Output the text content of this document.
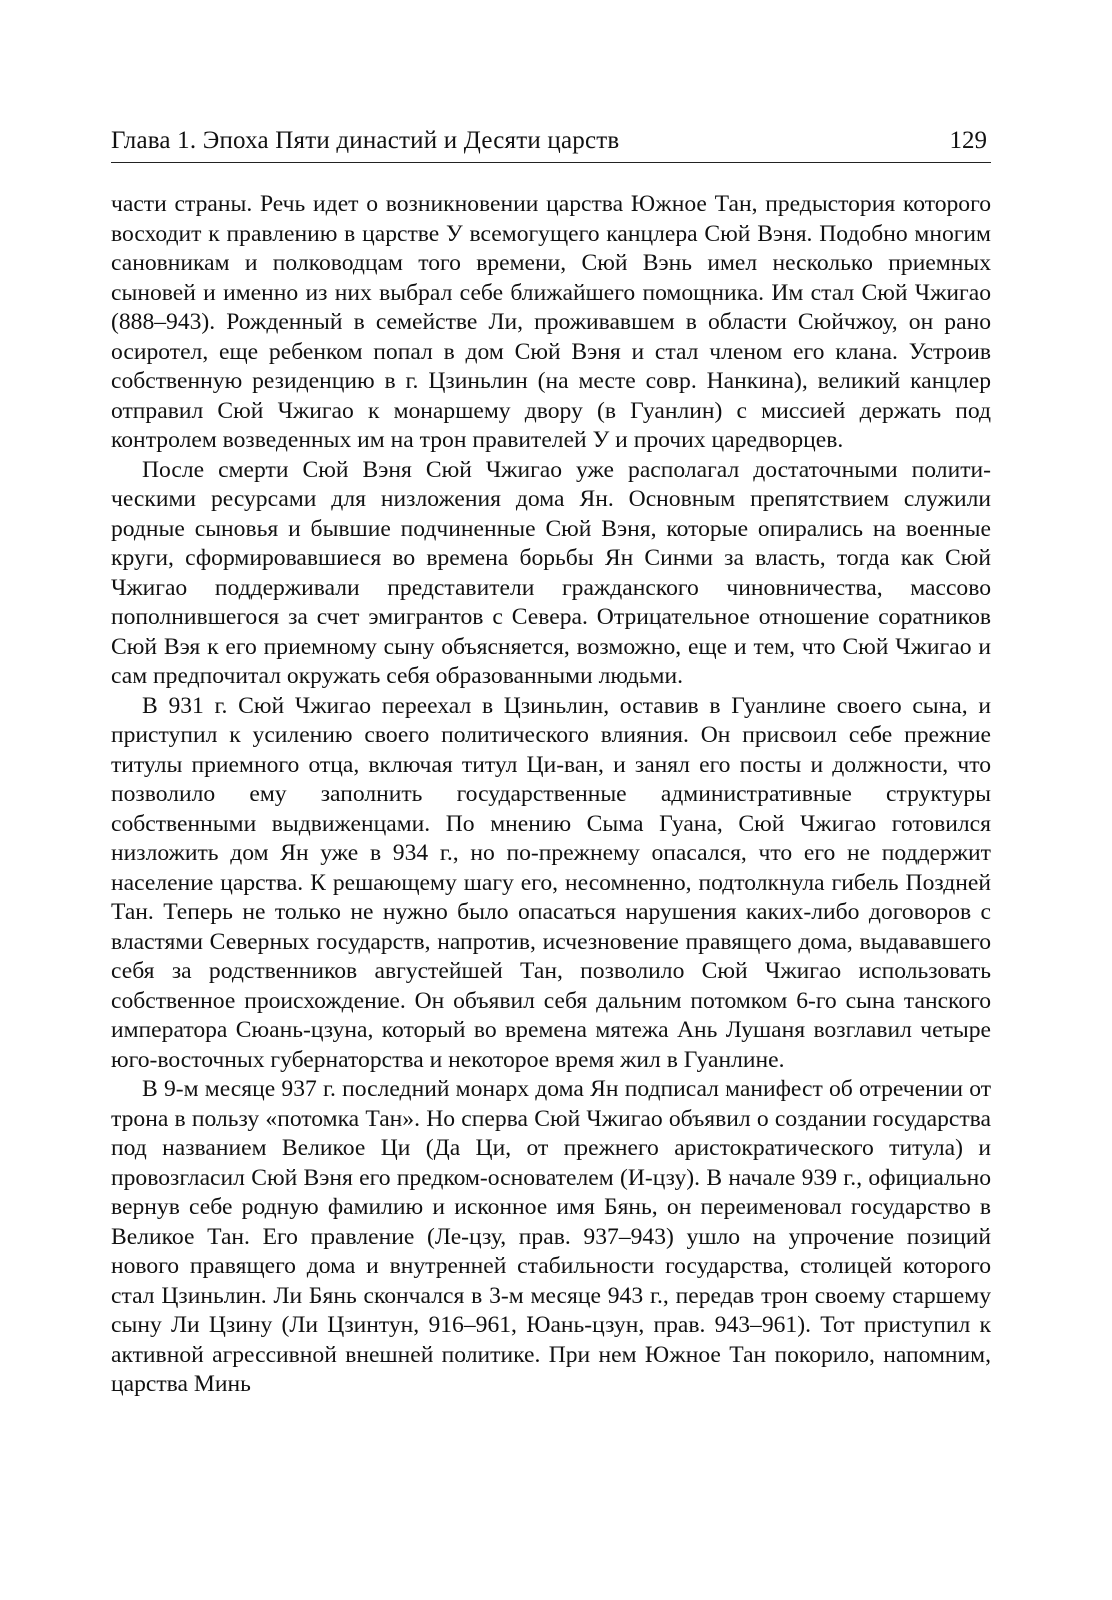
Глава 1. Эпоха Пяти династий и Десяти царств	129

части страны. Речь идет о возникновении царства Южное Тан, предыстория которого восходит к правлению в царстве У всемогущего канцлера Сюй Вэня. Подобно многим сановникам и полководцам того времени, Сюй Вэнь имел несколько приемных сыновей и именно из них выбрал себе ближайшего помощника. Им стал Сюй Чжигао (888–943). Рожденный в семействе Ли, проживавшем в области Сюйчжоу, он рано осиротел, еще ребенком попал в дом Сюй Вэня и стал членом его клана. Устроив собственную резиденцию в г. Цзиньлин (на месте совр. Нанкина), великий канцлер отправил Сюй Чжигао к монаршему двору (в Гуанлин) с миссией держать под контролем возведенных им на трон правителей У и прочих царедворцев.

После смерти Сюй Вэня Сюй Чжигао уже располагал достаточными политическими ресурсами для низложения дома Ян. Основным препятствием служили родные сыновья и бывшие подчиненные Сюй Вэня, которые опирались на военные круги, сформировавшиеся во времена борьбы Ян Синми за власть, тогда как Сюй Чжигао поддерживали представители гражданского чиновничества, массово пополнившегося за счет эмигрантов с Севера. Отрицательное отношение соратников Сюй Вэя к его приемному сыну объясняется, возможно, еще и тем, что Сюй Чжигао и сам предпочитал окружать себя образованными людьми.

В 931 г. Сюй Чжигао переехал в Цзиньлин, оставив в Гуанлине своего сына, и приступил к усилению своего политического влияния. Он присвоил себе прежние титулы приемного отца, включая титул Ци-ван, и занял его посты и должности, что позволило ему заполнить государственные административные структуры собственными выдвиженцами. По мнению Сыма Гуана, Сюй Чжигао готовился низложить дом Ян уже в 934 г., но по-прежнему опасался, что его не поддержит население царства. К решающему шагу его, несомненно, подтолкнула гибель Поздней Тан. Теперь не только не нужно было опасаться нарушения каких-либо договоров с властями Северных государств, напротив, исчезновение правящего дома, выдававшего себя за родственников августейшей Тан, позволило Сюй Чжигао использовать собственное происхождение. Он объявил себя дальним потомком 6-го сына танского императора Сюань-цзуна, который во времена мятежа Ань Лушаня возглавил четыре юго-восточных губернаторства и некоторое время жил в Гуанлине.

В 9-м месяце 937 г. последний монарх дома Ян подписал манифест об отречении от трона в пользу «потомка Тан». Но сперва Сюй Чжигао объявил о создании государства под названием Великое Ци (Да Ци, от прежнего аристократического титула) и провозгласил Сюй Вэня его предком-основателем (И-цзу). В начале 939 г., официально вернув себе родную фамилию и исконное имя Бянь, он переименовал государство в Великое Тан. Его правление (Ле-цзу, прав. 937–943) ушло на упрочение позиций нового правящего дома и внутренней стабильности государства, столицей которого стал Цзиньлин. Ли Бянь скончался в 3-м месяце 943 г., передав трон своему старшему сыну Ли Цзину (Ли Цзинтун, 916–961, Юань-цзун, прав. 943–961). Тот приступил к активной агрессивной внешней политике. При нем Южное Тан покорило, напомним, царства Минь
